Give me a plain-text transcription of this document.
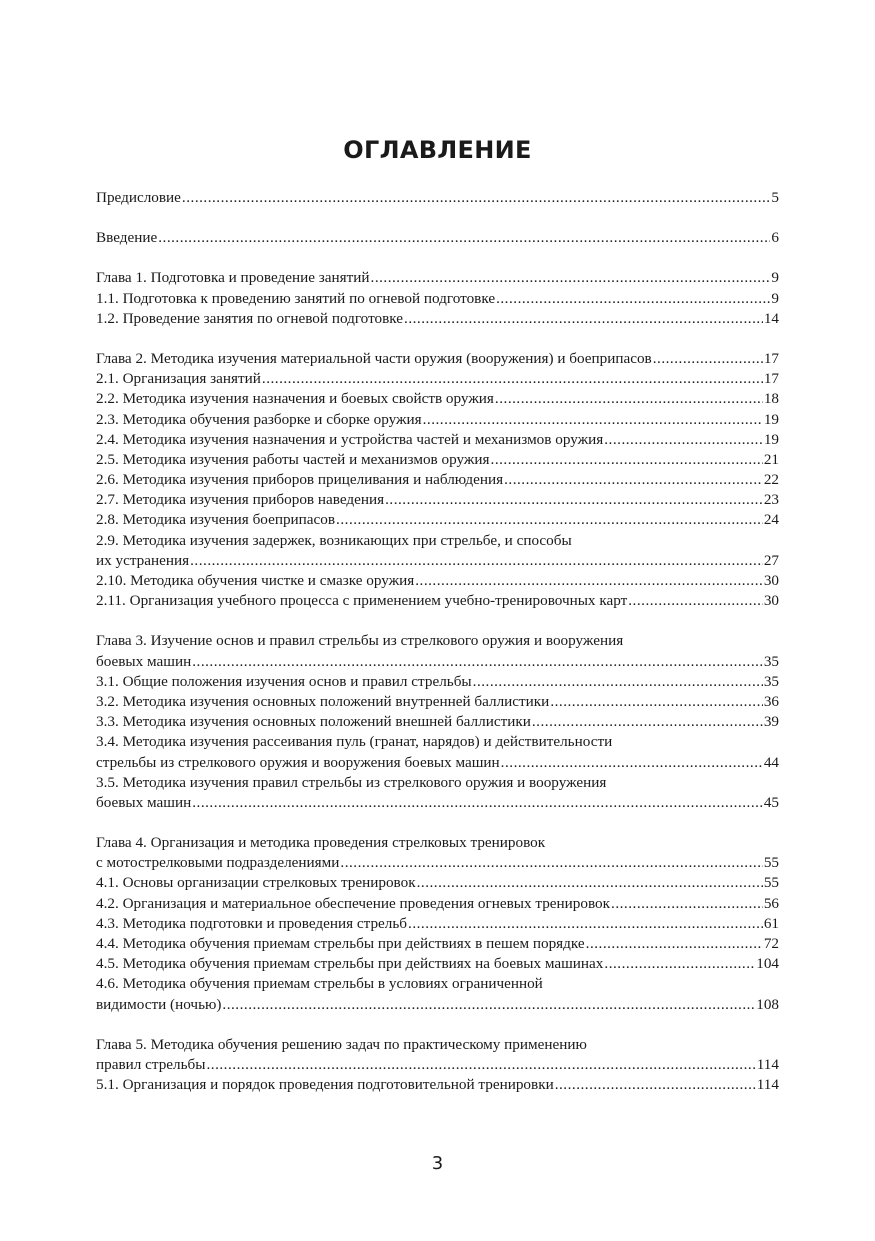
ОГЛАВЛЕНИЕ
Предисловие .....	5
Введение .....	6
Глава 1. Подготовка и проведение занятий .....	9
1.1. Подготовка к проведению занятий по огневой подготовке .....	9
1.2. Проведение занятия по огневой подготовке .....	14
Глава 2. Методика изучения материальной части оружия (вооружения) и боеприпасов .....	17
2.1. Организация занятий .....	17
2.2. Методика изучения назначения и боевых свойств оружия .....	18
2.3. Методика обучения разборке и сборке оружия .....	19
2.4. Методика изучения назначения и устройства частей и механизмов оружия .....	19
2.5. Методика изучения работы частей и механизмов оружия .....	21
2.6. Методика изучения приборов прицеливания и наблюдения .....	22
2.7. Методика изучения приборов наведения .....	23
2.8. Методика изучения боеприпасов .....	24
2.9. Методика изучения задержек, возникающих при стрельбе, и способы
их устранения .....	27
2.10. Методика обучения чистке и смазке оружия .....	30
2.11. Организация учебного процесса с применением учебно-тренировочных карт .....	30
Глава 3. Изучение основ и правил стрельбы из стрелкового оружия и вооружения
боевых машин .....	35
3.1. Общие положения изучения основ и правил стрельбы .....	35
3.2. Методика изучения основных положений внутренней баллистики .....	36
3.3. Методика изучения основных положений внешней баллистики .....	39
3.4. Методика изучения рассеивания пуль (гранат, нарядов) и действительности
стрельбы из стрелкового оружия и вооружения боевых машин .....	44
3.5. Методика изучения правил стрельбы из стрелкового оружия и вооружения
боевых машин .....	45
Глава 4. Организация и методика проведения стрелковых тренировок
с мотострелковыми подразделениями .....	55
4.1. Основы организации стрелковых тренировок .....	55
4.2. Организация и материальное обеспечение проведения огневых тренировок .....	56
4.3. Методика подготовки и проведения стрельб .....	61
4.4. Методика обучения приемам стрельбы при действиях в пешем порядке .....	72
4.5. Методика обучения приемам стрельбы при действиях на боевых машинах .....	104
4.6. Методика обучения приемам стрельбы в условиях ограниченной
видимости (ночью) .....	108
Глава 5. Методика обучения решению задач по практическому применению
правил стрельбы .....	114
5.1. Организация и порядок проведения подготовительной тренировки .....	114
3
